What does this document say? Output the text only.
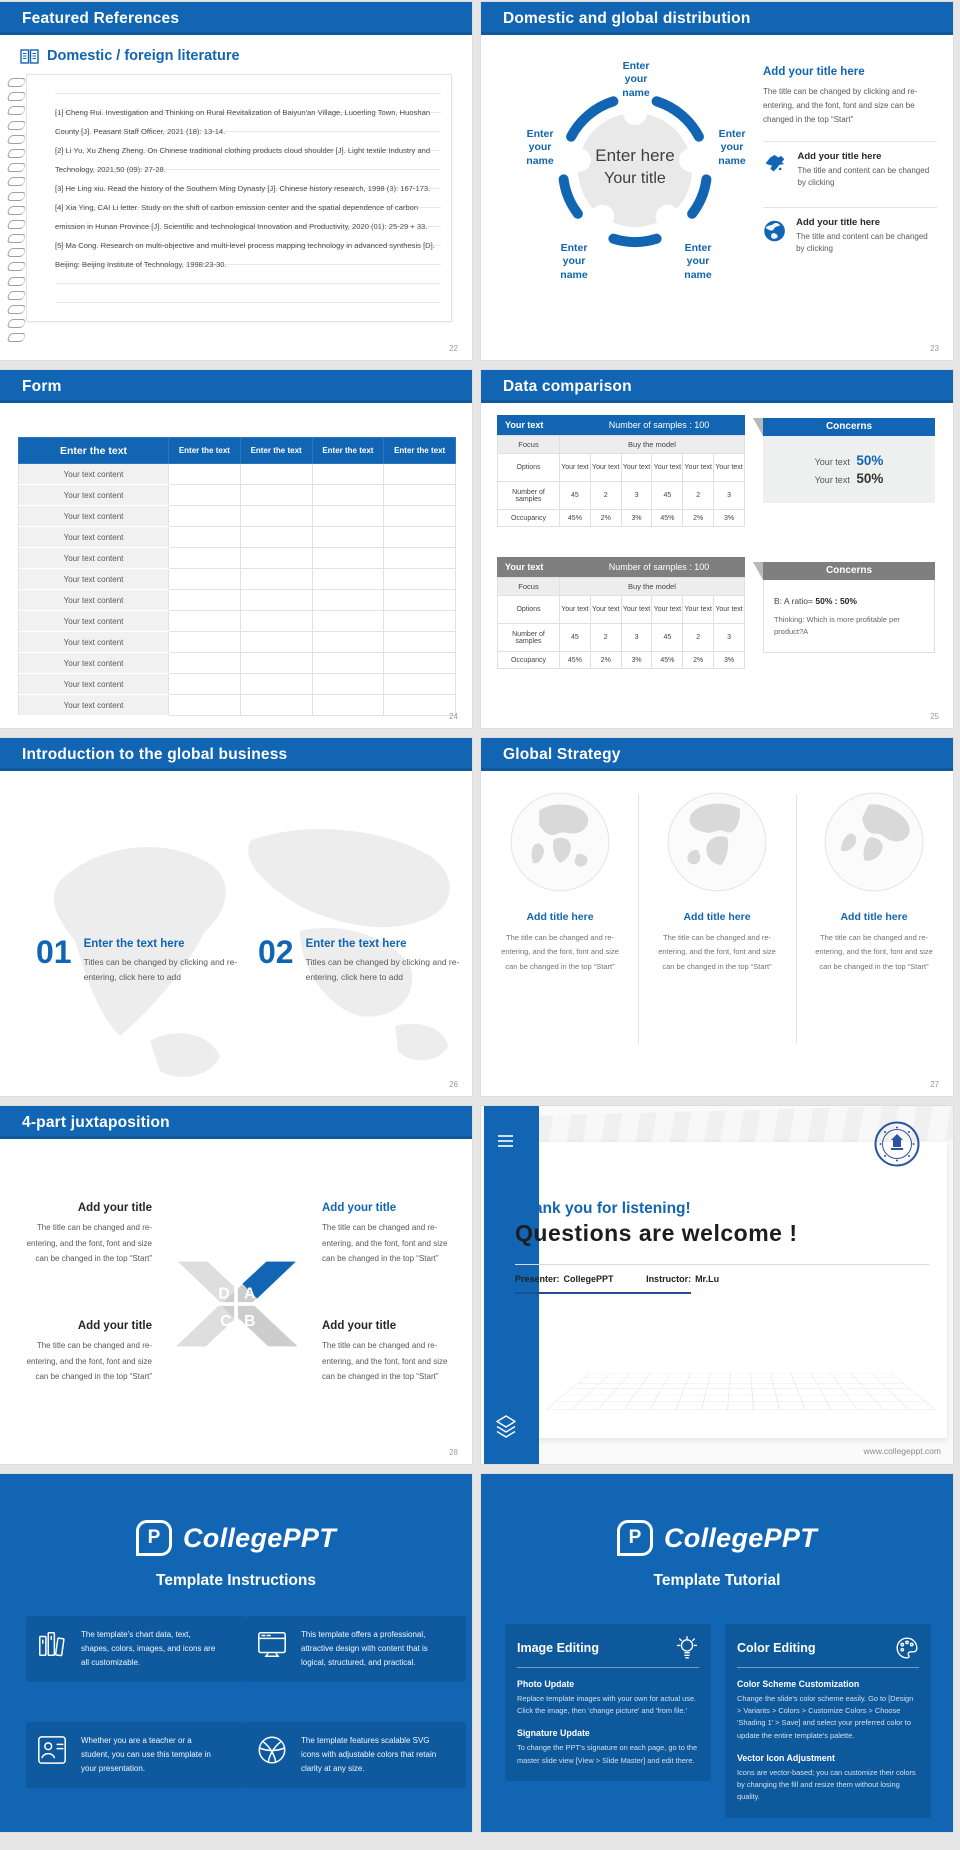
Featured References
Domestic / foreign literature

[1] Cheng Rui. Investigation and Thinking on Rural Revitalization of Baiyun'an Village, Luoerling Town, Huoshan County [J]. Peasant Staff Officer, 2021 (18): 13-14.

[2] Li Yu, Xu Zheng Zheng. On Chinese traditional clothing products cloud shoulder [J]. Light textile Industry and Technology, 2021,50 (09): 27-28.

[3] He Ling xiu. Read the history of the Southern Ming Dynasty [J]. Chinese history research, 1998 (3): 167-173.

[4] Xia Ying, CAI Li letter. Study on the shift of carbon emission center and the spatial dependence of carbon emission in Hunan Province [J]. Scientific and technological Innovation and Productivity, 2020 (01): 25-29 + 33.

[5] Ma Cong. Research on multi-objective and multi-level process mapping technology in advanced synthesis [D]. Beijing: Beijing Institute of Technology, 1998:23-30.

22
Domestic and global distribution
Enter here
Your title
Enter your name
Enter your name
Enter your name
Enter your name
Enter your name
Add your title here
The title can be changed by clicking and re-entering, and the font, font and size can be changed in the top “Start”
Add your title here

The title and content can be changed by clicking

Add your title here

The title and content can be changed by clicking

23
Form
Enter the text	Enter the text	Enter the text	Enter the text	Enter the text
Your text content				
Your text content				
Your text content				
Your text content				
Your text content				
Your text content				
Your text content				
Your text content				
Your text content				
Your text content				
Your text content				
Your text content				
24
Data comparison
Your text	Number of samples : 100
Focus	Buy the model					
Options	Your text	Your text	Your text	Your text	Your text	Your text
Number of samples	45	2	3	45	2	3
Occupancy	45%	2%	3%	45%	2%	3%
Your text	Number of samples : 100
Focus	Buy the model					
Options	Your text	Your text	Your text	Your text	Your text	Your text
Number of samples	45	2	3	45	2	3
Occupancy	45%	2%	3%	45%	2%	3%
Concerns
Your text 50%
Your text 50%
Concerns

B: A ratio= 50% : 50%

Thinking: Which is more profitable per product?A

25
Introduction to the global business
01 Enter the text here

Titles can be changed by clicking and re-entering, click here to add

02 Enter the text here

Titles can be changed by clicking and re-entering, click here to add

26
Global Strategy
Add title here

The title can be changed and re-entering, and the font, font and size can be changed in the top “Start”

Add title here

The title can be changed and re-entering, and the font, font and size can be changed in the top “Start”

Add title here

The title can be changed and re-entering, and the font, font and size can be changed in the top “Start”

27
4-part juxtaposition
Add your title

The title can be changed and re-entering, and the font, font and size can be changed in the top “Start”

Add your title

The title can be changed and re-entering, and the font, font and size can be changed in the top “Start”

Add your title

The title can be changed and re-entering, and the font, font and size can be changed in the top “Start”

Add your title

The title can be changed and re-entering, and the font, font and size can be changed in the top “Start”

D A
C B
28
Thank you for listening!
Questions are welcome !
Presenter: CollegePPT	Instructor: Mr.Lu
www.collegeppt.com
P CollegePPT
Template Instructions

The template's chart data, text, shapes, colors, images, and icons are all customizable.

This template offers a professional, attractive design with content that is logical, structured, and practical.

Whether you are a teacher or a student, you can use this template in your presentation.

The template features scalable SVG icons with adjustable colors that retain clarity at any size.

P CollegePPT
Template Tutorial
Image Editing
Photo Update

Replace template images with your own for actual use. Click the image, then 'change picture' and 'from file.'

Signature Update

To change the PPT's signature on each page, go to the master slide view [View > Slide Master] and edit there.

Color Editing
Color Scheme Customization

Change the slide's color scheme easily. Go to [Design > Variants > Colors > Customize Colors > Choose 'Shading 1' > Save] and select your preferred color to update the entire template's palette.

Vector Icon Adjustment

Icons are vector-based; you can customize their colors by changing the fill and resize them without losing quality.
